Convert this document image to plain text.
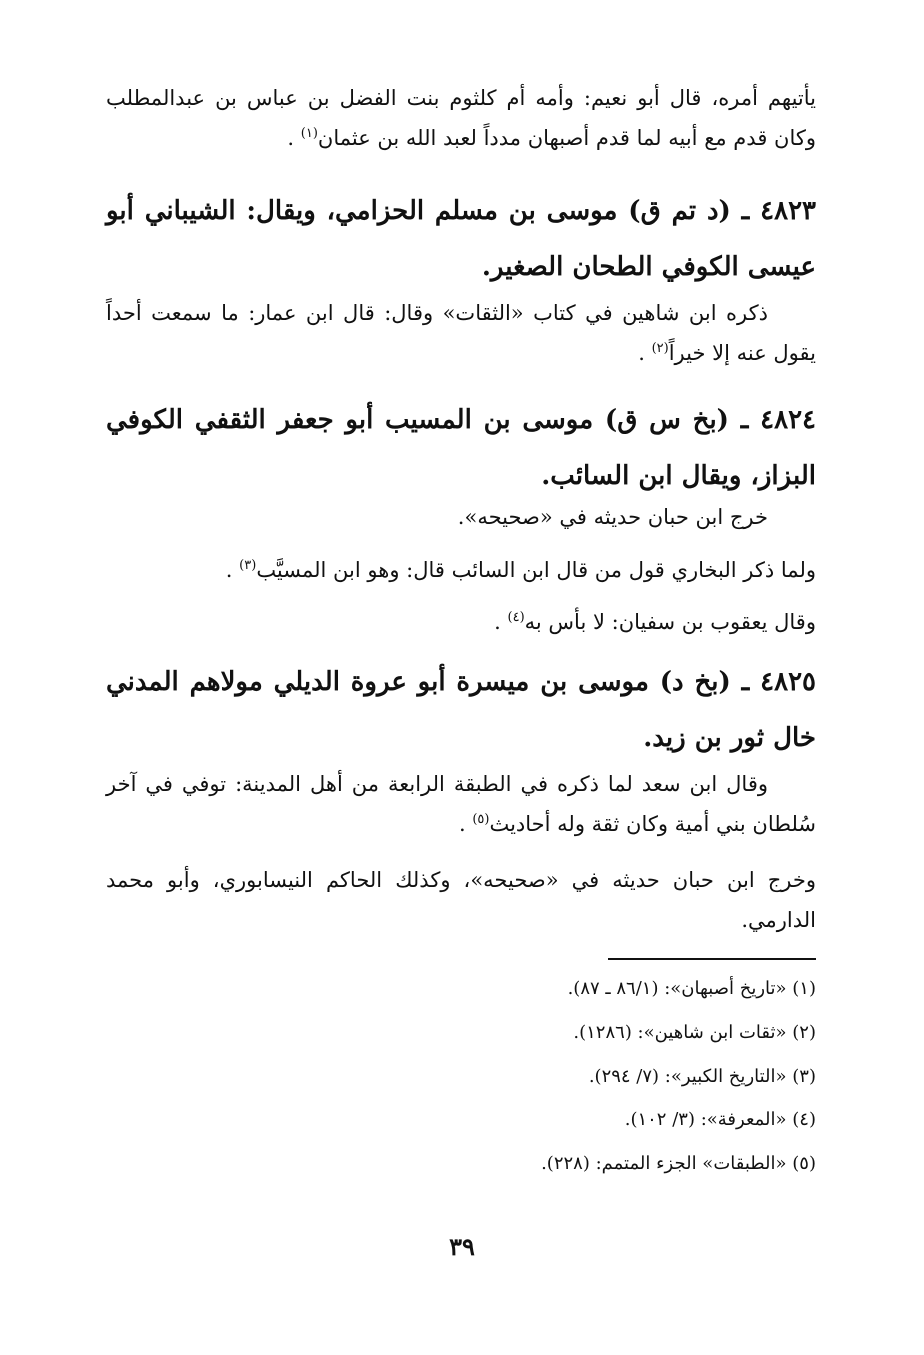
يأتيهم أمره، قال أبو نعيم: وأمه أم كلثوم بنت الفضل بن عباس بن عبدالمطلب وكان قدم مع أبيه لما قدم أصبهان مدداً لعبد الله بن عثمان$^{(١)}$ .

٤٨٢٣ ـ (د تم ق) موسى بن مسلم الحزامي، ويقال: الشيباني أبو عيسى الكوفي الطحان الصغير.

ذكره ابن شاهين في كتاب «الثقات» وقال: قال ابن عمار: ما سمعت أحداً يقول عنه إلا خيراً$^{(٢)}$ .

٤٨٢٤ ـ (بخ س ق) موسى بن المسيب أبو جعفر الثقفي الكوفي البزاز، ويقال ابن السائب.

خرج ابن حبان حديثه في «صحيحه».

ولما ذكر البخاري قول من قال ابن السائب قال: وهو ابن المسيَّب$^{(٣)}$ .

وقال يعقوب بن سفيان: لا بأس به$^{(٤)}$ .

٤٨٢٥ ـ (بخ د) موسى بن ميسرة أبو عروة الديلي مولاهم المدني خال ثور بن زيد.

وقال ابن سعد لما ذكره في الطبقة الرابعة من أهل المدينة: توفي في آخر سُلطان بني أمية وكان ثقة وله أحاديث$^{(٥)}$ .

وخرج ابن حبان حديثه في «صحيحه»، وكذلك الحاكم النيسابوري، وأبو محمد الدارمي.

(١) «تاريخ أصبهان»: (٨٦/١ ـ ٨٧).
(٢) «ثقات ابن شاهين»: (١٢٨٦).
(٣) «التاريخ الكبير»: (٧/ ٢٩٤).
(٤) «المعرفة»: (٣/ ١٠٢).
(٥) «الطبقات» الجزء المتمم: (٢٢٨).
٣٩
